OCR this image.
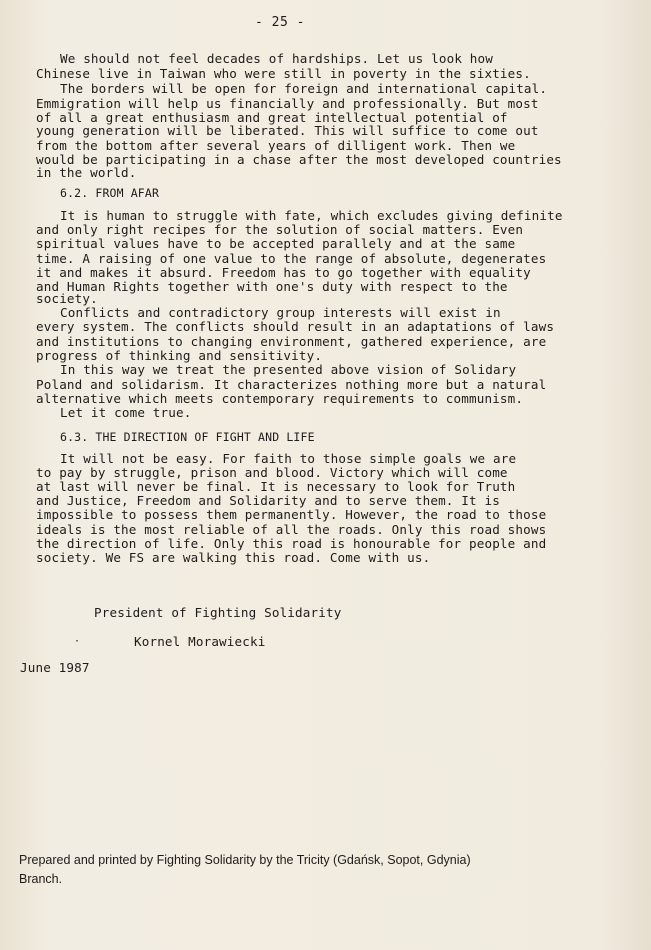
- 25 -
We should not feel decades of hardships. Let us look how
Chinese live in Taiwan who were still in poverty in the sixties.
The borders will be open for foreign and international capital.
Emmigration will help us financially and professionally. But most
of all a great enthusiasm and great intellectual potential of
young generation will be liberated. This will suffice to come out
from the bottom after several years of dilligent work. Then we
would be participating in a chase after the most developed countries
in the world.
6.2. FROM AFAR
It is human to struggle with fate, which excludes giving definite
and only right recipes for the solution of social matters. Even
spiritual values have to be accepted parallely and at the same
time. A raising of one value to the range of absolute, degenerates
it and makes it absurd. Freedom has to go together with equality
and Human Rights together with one's duty with respect to the
society.
Conflicts and contradictory group interests will exist in
every system. The conflicts should result in an adaptations of laws
and institutions to changing environment, gathered experience, are
progress of thinking and sensitivity.
In this way we treat the presented above vision of Solidary
Poland and solidarism. It characterizes nothing more but a natural
alternative which meets contemporary requirements to communism.
Let it come true.
6.3. THE DIRECTION OF FIGHT AND LIFE
It will not be easy. For faith to those simple goals we are
to pay by struggle, prison and blood. Victory which will come
at last will never be final. It is necessary to look for Truth
and Justice, Freedom and Solidarity and to serve them. It is
impossible to possess them permanently. However, the road to those
ideals is the most reliable of all the roads. Only this road shows
the direction of life. Only this road is honourable for people and
society. We FS are walking this road. Come with us.
President of Fighting Solidarity
·	Kornel Morawiecki
June 1987
Prepared and printed by Fighting Solidarity by the Tricity (Gdańsk, Sopot, Gdynia)
Branch.
